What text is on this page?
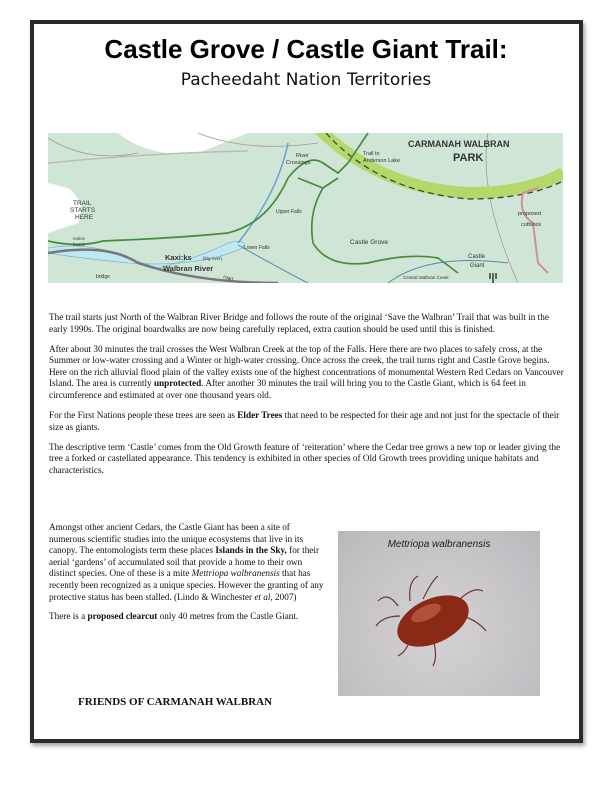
Castle Grove / Castle Giant Trail:
Pacheedaht Nation Territories
CARMANAH WALBRAN
PARK
Trail to
Anderson Lake
River
Crossings
TRAIL
STARTS
HERE
Upper Falls
Lower Falls
notice
board
Kaxi:ks	(big river)
Walbran River
bridge	road
Castle Grove
Castle
Giant
proposed
cutblock
Central Walbran Creek

The trail starts just North of the Walbran River Bridge and follows the route of the original ‘Save the Walbran’ Trail that was built in the early 1990s. The original boardwalks are now being carefully replaced, extra caution should be used until this is finished.

After about 30 minutes the trail crosses the West Walbran Creek at the top of the Falls. Here there are two places to safely cross, at the Summer or low-water crossing and a Winter or high-water crossing. Once across the creek, the trail turns right and Castle Grove begins. Here on the rich alluvial flood plain of the valley exists one of the highest concentrations of monumental Western Red Cedars on Vancouver Island. The area is currently unprotected. After another 30 minutes the trail will bring you to the Castle Giant, which is 64 feet in circumference and estimated at over one thousand years old.

For the First Nations people these trees are seen as Elder Trees that need to be respected for their age and not just for the spectacle of their size as giants.

The descriptive term ‘Castle’ comes from the Old Growth feature of ‘reiteration’ where the Cedar tree grows a new top or leader giving the tree a forked or castellated appearance. This tendency is exhibited in other species of Old Growth trees providing unique habitats and characteristics.

Amongst other ancient Cedars, the Castle Giant has been a site of numerous scientific studies into the unique ecosystems that live in its canopy. The entomologists term these places Islands in the Sky, for their aerial ‘gardens’ of accumulated soil that provide a home to their own distinct species. One of these is a mite Mettriopa walbranensis that has recently been recognized as a unique species. However the granting of any protective status has been stalled. (Lindo & Winchester et al, 2007)

There is a proposed clearcut only 40 metres from the Castle Giant.

Mettriopa walbranensis
FRIENDS OF CARMANAH WALBRAN
